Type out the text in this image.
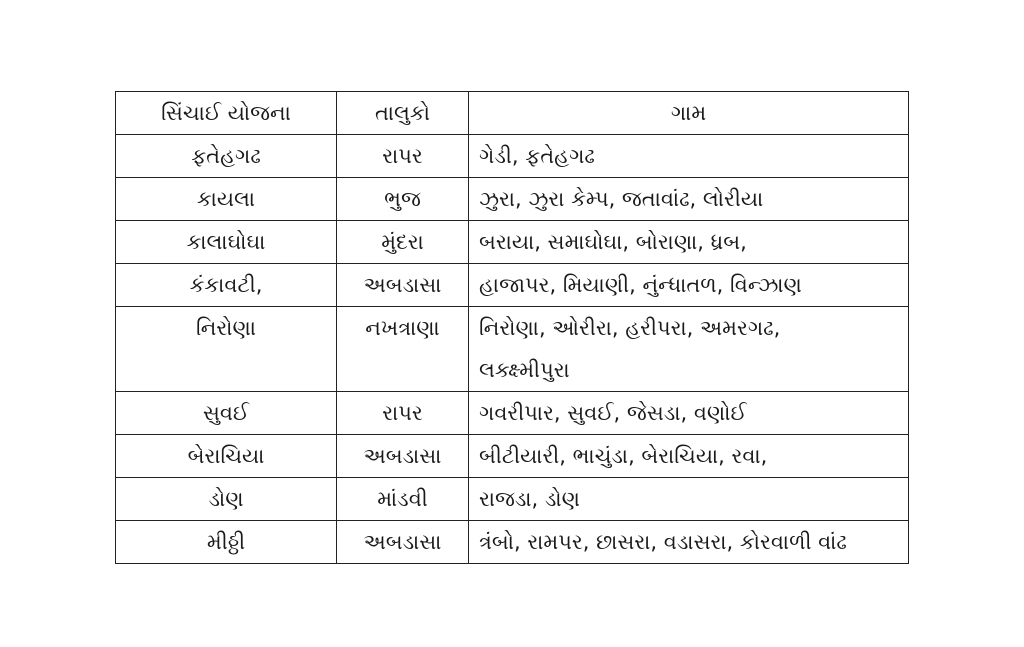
સિંચાઈ યોજના	તાલુકો	ગામ
ફતેહગઢ	રાપર	ગેડી, ફતેહગઢ
કાયલા	ભુજ	ઝુરા, ઝુરા કેમ્પ, જતાવાંઢ, લોરીયા
કાલાઘોઘા	મુંદરા	બરાયા, સમાઘોઘા, બોરાણા, ધ્રબ,
કંકાવટી,	અબડાસા	હાજાપર, મિયાણી, નુંન્ધાતળ, વિન્ઝાણ
નિરોણા	નખત્રાણા	નિરોણા, ઓરીરા, હરીપરા, અમરગઢ,
લક્ક્ષ્મીપુરા

સુવઈ	રાપર	ગવરીપાર, સુવઈ, જેસડા, વણોઈ
બેરાચિયા	અબડાસા	બીટીયારી, ભાચુંડા, બેરાચિયા, રવા,
ડોણ	માંડવી	રાજડા, ડોણ
મીઠ્ઠી	અબડાસા	ત્રંબો, રામપર, છાસરા, વડાસરા, કોરવાળી વાંઢ
